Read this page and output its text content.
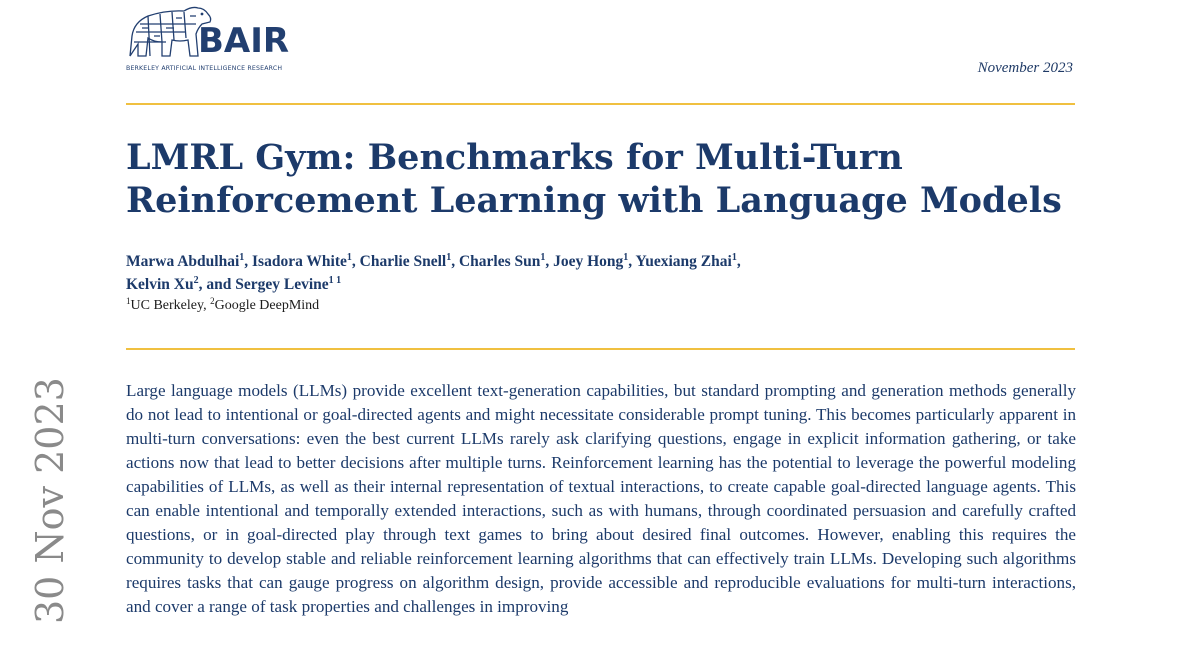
BAIR
BERKELEY ARTIFICIAL INTELLIGENCE RESEARCH	November 2023
LMRL Gym: Benchmarks for Multi-Turn Reinforcement Learning with Language Models
Marwa Abdulhai$^1$, Isadora White$^1$, Charlie Snell$^1$, Charles Sun$^1$, Joey Hong$^1$, Yuexiang Zhai$^1$,
Kelvin Xu$^2$, and Sergey Levine$^{1 1}$
$^1$UC Berkeley, $^2$Google DeepMind

Large language models (LLMs) provide excellent text-generation capabilities, but standard prompting and generation methods generally do not lead to intentional or goal-directed agents and might necessitate considerable prompt tuning. This becomes particularly apparent in multi-turn conversations: even the best current LLMs rarely ask clarifying questions, engage in explicit information gathering, or take actions now that lead to better decisions after multiple turns. Reinforcement learning has the potential to leverage the powerful modeling capabilities of LLMs, as well as their internal representation of textual interactions, to create capable goal-directed language agents. This can enable intentional and temporally extended interactions, such as with humans, through coordinated persuasion and carefully crafted questions, or in goal-directed play through text games to bring about desired final outcomes. However, enabling this requires the community to develop stable and reliable reinforcement learning algorithms that can effectively train LLMs. Developing such algorithms requires tasks that can gauge progress on algorithm design, provide accessible and reproducible evaluations for multi-turn interactions, and cover a range of task properties and challenges in improving

30 Nov 2023
